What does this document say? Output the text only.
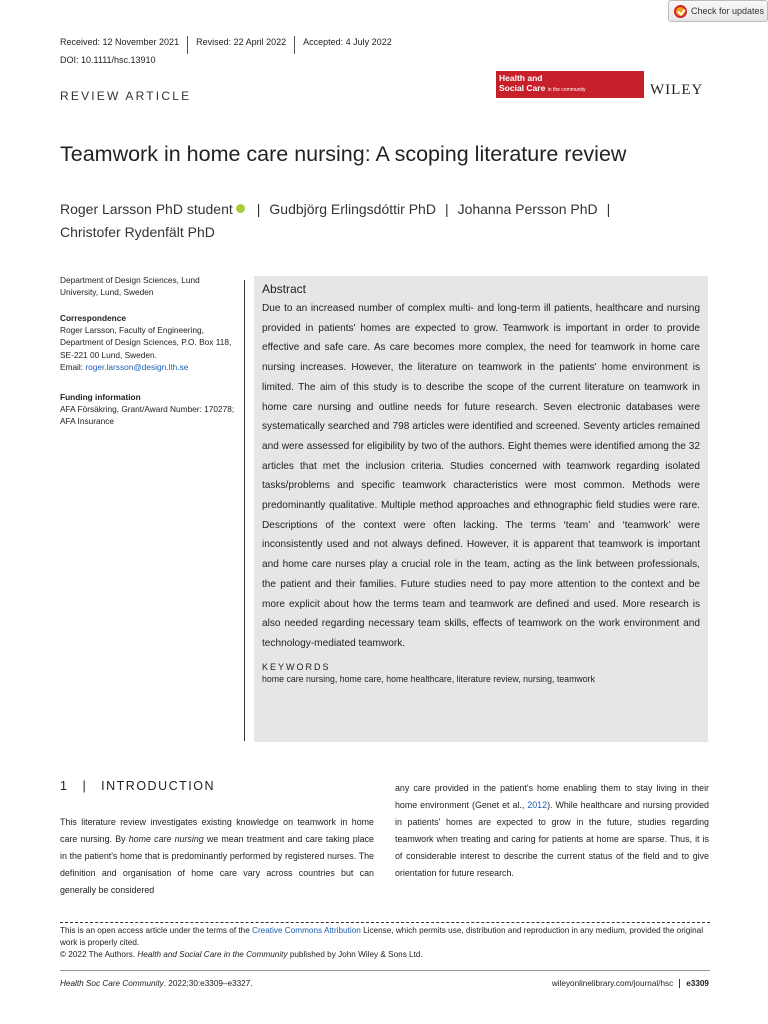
Check for updates
Received: 12 November 2021	Revised: 22 April 2022	Accepted: 4 July 2022
DOI: 10.1111/hsc.13910
Health and
Social Care in the community	WILEY
REVIEW ARTICLE
Teamwork in home care nursing: A scoping literature review
Roger Larsson PhD student | Gudbjörg Erlingsdóttir PhD | Johanna Persson PhD |
Christofer Rydenfält PhD
Department of Design Sciences, Lund University, Lund, Sweden
Correspondence
Roger Larsson, Faculty of Engineering, Department of Design Sciences, P.O. Box 118, SE-221 00 Lund, Sweden.
Email: roger.larsson@design.lth.se
Funding information
AFA Försäkring, Grant/Award Number: 170278; AFA Insurance
Abstract

Due to an increased number of complex multi- and long-term ill patients, healthcare and nursing provided in patients' homes are expected to grow. Teamwork is important in order to provide effective and safe care. As care becomes more complex, the need for teamwork in home care nursing increases. However, the literature on teamwork in the patients' home environment is limited. The aim of this study is to describe the scope of the current literature on teamwork in home care nursing and outline needs for future research. Seven electronic databases were systematically searched and 798 articles were identified and screened. Seventy articles remained and were assessed for eligibility by two of the authors. Eight themes were identified among the 32 articles that met the inclusion criteria. Studies concerned with teamwork regarding isolated tasks/problems and specific teamwork characteristics were most common. Methods were predominantly qualitative. Multiple method approaches and ethnographic field studies were rare. Descriptions of the context were often lacking. The terms ‘team’ and ‘teamwork’ were inconsistently used and not always defined. However, it is apparent that teamwork is important and home care nurses play a crucial role in the team, acting as the link between professionals, the patient and their families. Future studies need to pay more attention to the context and be more explicit about how the terms team and teamwork are defined and used. More research is also needed regarding necessary team skills, effects of teamwork on the work environment and technology-mediated teamwork.

KEYWORDS
home care nursing, home care, home healthcare, literature review, nursing, teamwork
1 | INTRODUCTION
This literature review investigates existing knowledge on teamwork in home care nursing. By home care nursing we mean treatment and care taking place in the patient's home that is predominantly performed by registered nurses. The definition and organisation of home care vary across countries but can generally be considered
any care provided in the patient's home enabling them to stay living in their home environment (Genet et al., 2012). While healthcare and nursing provided in patients' homes are expected to grow in the future, studies regarding teamwork when treating and caring for patients at home are sparse. Thus, it is of considerable interest to describe the current status of the field and to give orientation for future research.
This is an open access article under the terms of the Creative Commons Attribution License, which permits use, distribution and reproduction in any medium, provided the original work is properly cited.
© 2022 The Authors. Health and Social Care in the Community published by John Wiley & Sons Ltd.
Health Soc Care Community. 2022;30:e3309–e3327.	wileyonlinelibrary.com/journal/hsc	e3309
